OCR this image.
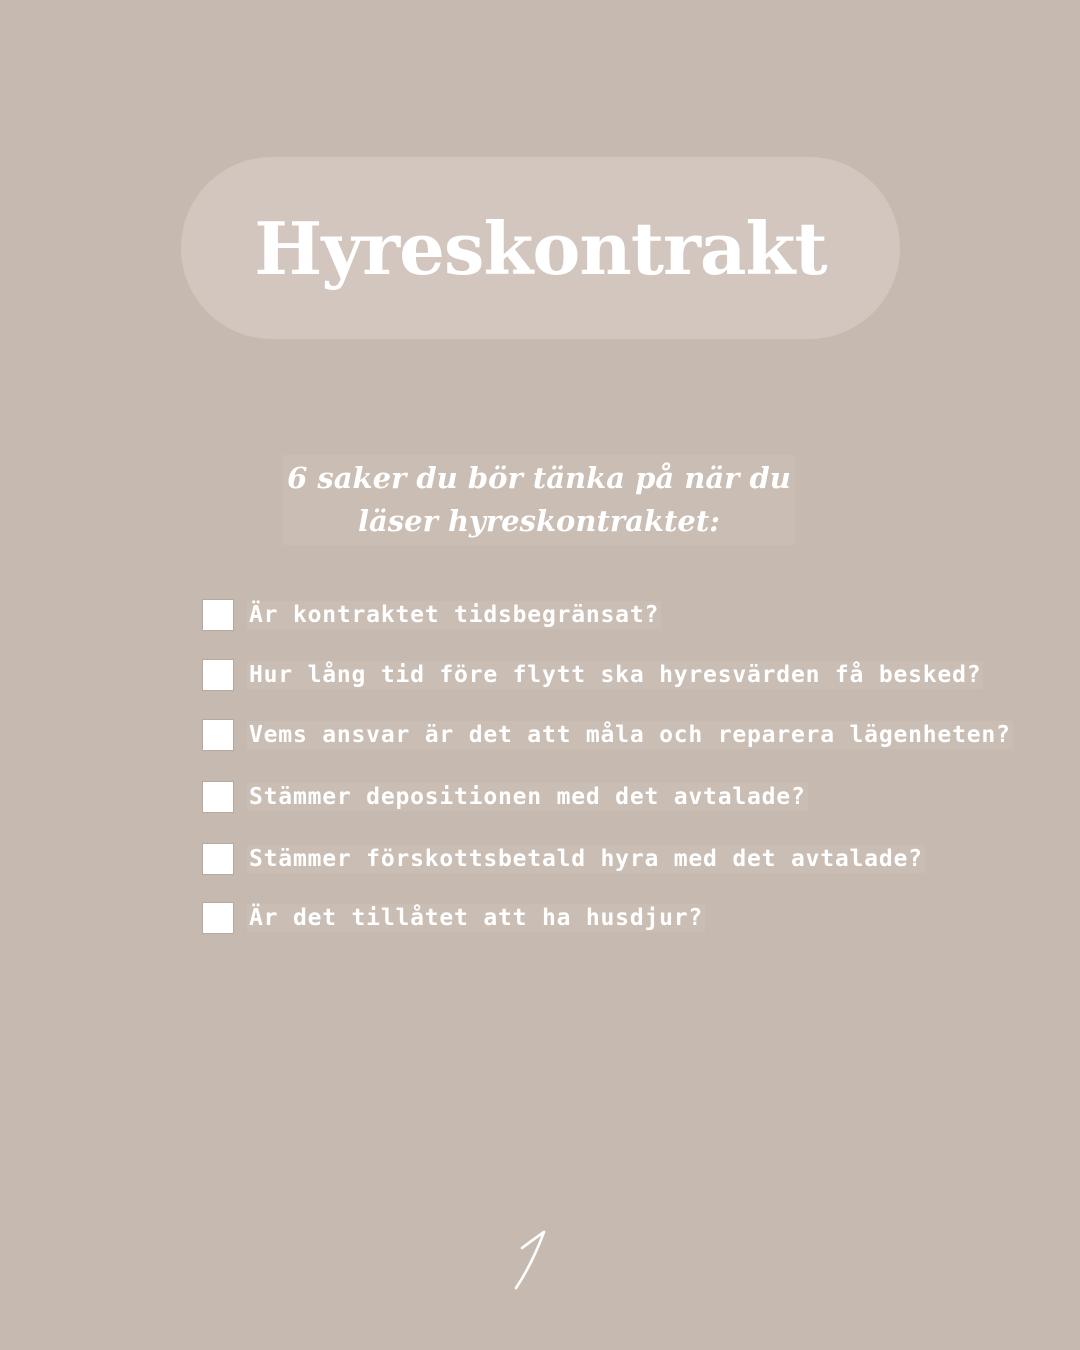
Hyreskontrakt
6 saker du bör tänka på när du
läser hyreskontraktet:
Är kontraktet tidsbegränsat?
Hur lång tid före flytt ska hyresvärden få besked?
Vems ansvar är det att måla och reparera lägenheten?
Stämmer depositionen med det avtalade?
Stämmer förskottsbetald hyra med det avtalade?
Är det tillåtet att ha husdjur?
